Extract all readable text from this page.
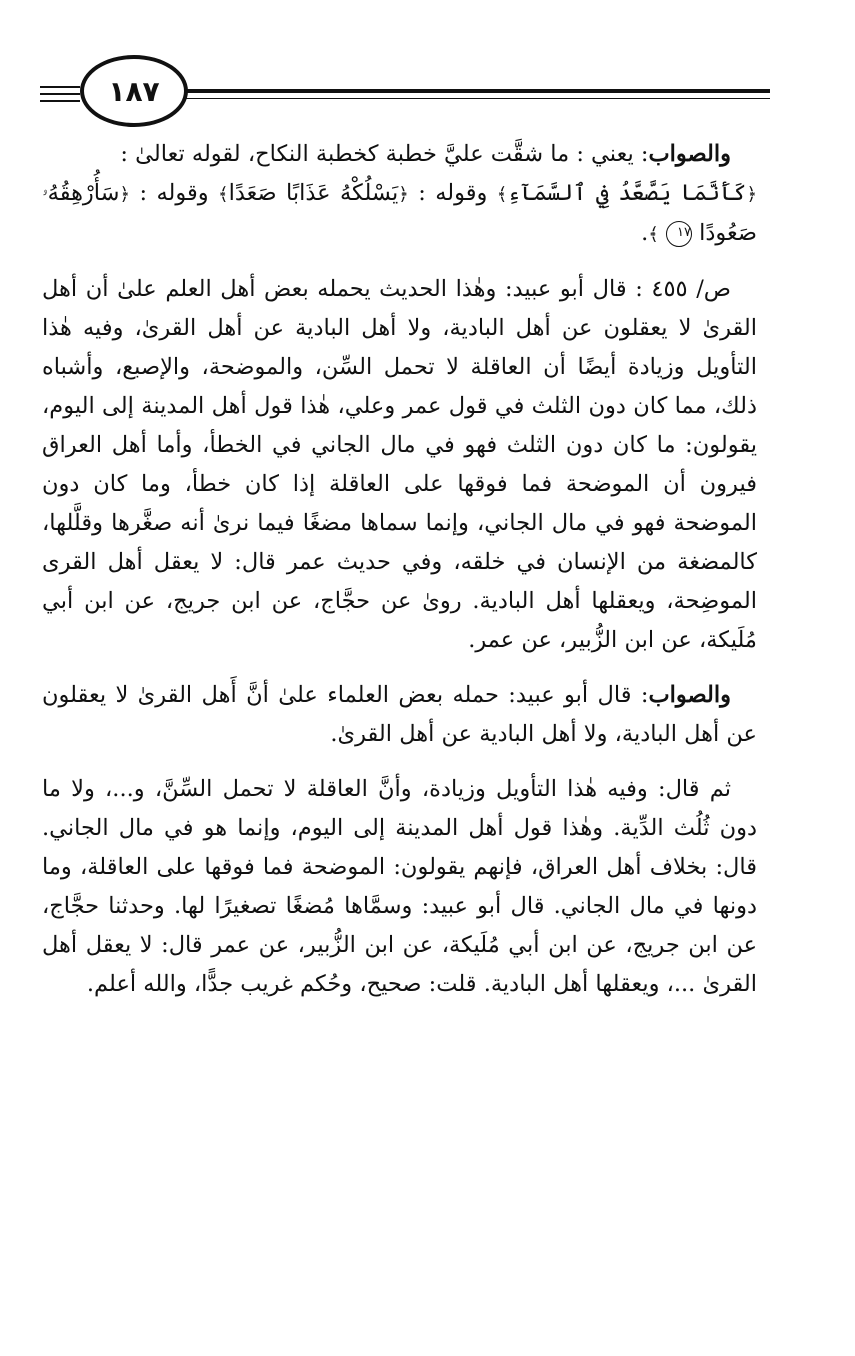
١٨٧

والصواب: يعني : ما شقَّت عليَّ خطبة كخطبة النكاح، لقوله تعالىٰ :

﴿كَأَنَّمَا يَصَّعَّدُ فِي ٱلسَّمَآءِ﴾ وقوله : ﴿يَسْلُكْهُ عَذَابًا صَعَدًا﴾ وقوله : ﴿سَأُرْهِقُهُۥ صَعُودًا ١٧ ﴾.

ص/ ٤٥٥ : قال أبو عبيد: وهٰذا الحديث يحمله بعض أهل العلم علىٰ أن أهل القرىٰ لا يعقلون عن أهل البادية، ولا أهل البادية عن أهل القرىٰ، وفيه هٰذا التأويل وزيادة أيضًا أن العاقلة لا تحمل السِّن، والموضحة، والإصبع، وأشباه ذلك، مما كان دون الثلث في قول عمر وعلي، هٰذا قول أهل المدينة إلى اليوم، يقولون: ما كان دون الثلث فهو في مال الجاني في الخطأ، وأما أهل العراق فيرون أن الموضحة فما فوقها على العاقلة إذا كان خطأ، وما كان دون الموضحة فهو في مال الجاني، وإنما سماها مضغًا فيما نرىٰ أنه صغَّرها وقلَّلها، كالمضغة من الإنسان في خلقه، وفي حديث عمر قال: لا يعقل أهل القرى الموضِحة، ويعقلها أهل البادية. روىٰ عن حجَّاج، عن ابن جريج، عن ابن أبي مُلَيكة، عن ابن الزُّبير، عن عمر.

والصواب: قال أبو عبيد: حمله بعض العلماء علىٰ أنَّ أَهل القرىٰ لا يعقلون عن أهل البادية، ولا أهل البادية عن أهل القرىٰ.

ثم قال: وفيه هٰذا التأويل وزيادة، وأنَّ العاقلة لا تحمل السِّنَّ، و...، ولا ما دون ثُلُث الدِّية. وهٰذا قول أهل المدينة إلى اليوم، وإنما هو في مال الجاني. قال: بخلاف أهل العراق، فإنهم يقولون: الموضحة فما فوقها على العاقلة، وما دونها في مال الجاني. قال أبو عبيد: وسمَّاها مُضغًا تصغيرًا لها. وحدثنا حجَّاج، عن ابن جريج، عن ابن أبي مُلَيكة، عن ابن الزُّبير، عن عمر قال: لا يعقل أهل القرىٰ ...، ويعقلها أهل البادية. قلت: صحيح، وحُكم غريب جدًّا، والله أعلم.
